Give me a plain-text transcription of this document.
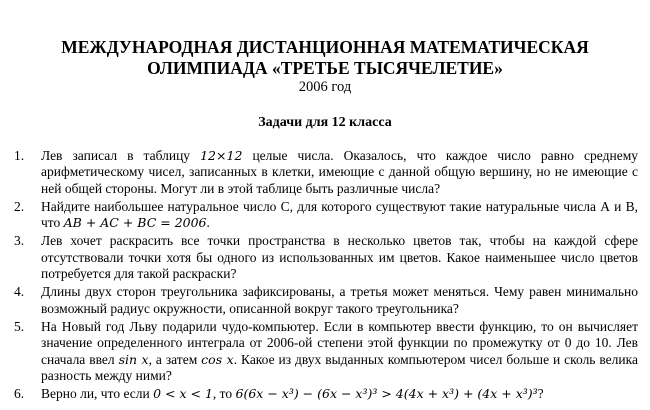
МЕЖДУНАРОДНАЯ ДИСТАНЦИОННАЯ МАТЕМАТИЧЕСКАЯ
ОЛИМПИАДА «ТРЕТЬЕ ТЫСЯЧЕЛЕТИЕ»
2006 год
Задачи для 12 класса
1. Лев записал в таблицу 12×12 целые числа. Оказалось, что каждое число равно среднему арифметическому чисел, записанных в клетки, имеющие с данной общую вершину, но не имеющие с ней общей стороны. Могут ли в этой таблице быть различные числа?
2. Найдите наибольшее натуральное число С, для которого существуют такие натуральные числа А и В, что AB + AC + BC = 2006.
3. Лев хочет раскрасить все точки пространства в несколько цветов так, чтобы на каждой сфере отсутствовали точки хотя бы одного из использованных им цветов. Какое наименьшее число цветов потребуется для такой раскраски?
4. Длины двух сторон треугольника зафиксированы, а третья может меняться. Чему равен минимально возможный радиус окружности, описанной вокруг такого треугольника?
5. На Новый год Льву подарили чудо-компьютер. Если в компьютер ввести функцию, то он вычисляет значение определенного интеграла от 2006-ой степени этой функции по промежутку от 0 до 10. Лев сначала ввел sin x, а затем cos x. Какое из двух выданных компьютером чисел больше и сколь велика разность между ними?
6. Верно ли, что если 0 < x < 1, то 6(6x − x³) − (6x − x³)³ > 4(4x + x³) + (4x + x³)³?
